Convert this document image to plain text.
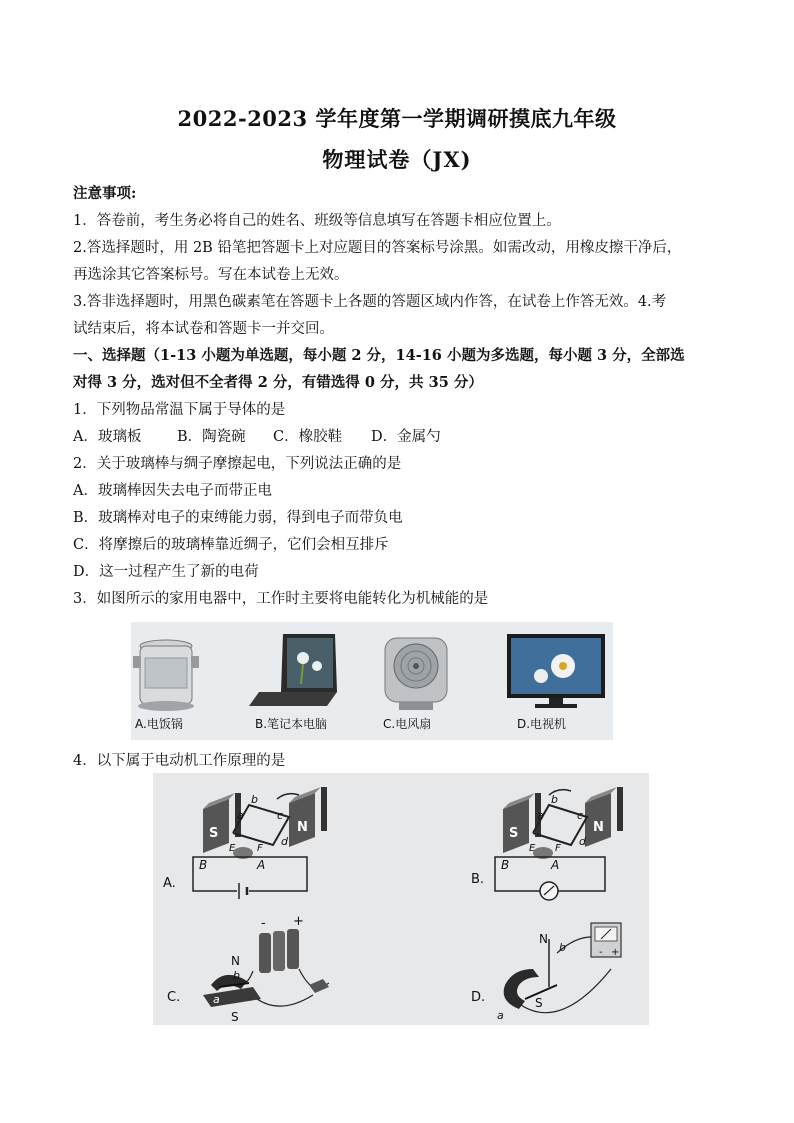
2022-2023 学年度第一学期调研摸底九年级
物理试卷（JX)
注意事项:
1．答卷前，考生务必将自己的姓名、班级等信息填写在答题卡相应位置上。
2.答选择题时，用 2B 铅笔把答题卡上对应题目的答案标号涂黑。如需改动，用橡皮擦干净后，
再选涂其它答案标号。写在本试卷上无效。
3.答非选择题时，用黑色碳素笔在答题卡上各题的答题区域内作答，在试卷上作答无效。4.考
试结束后，将本试卷和答题卡一并交回。
一、选择题（1-13 小题为单选题，每小题 2 分，14-16 小题为多选题，每小题 3 分，全部选
对得 3 分，选对但不全者得 2 分，有错选得 0 分，共 35 分）
1．下列物品常温下属于导体的是
A．玻璃板 B．陶瓷碗 C．橡胶鞋 D．金属勺
2．关于玻璃棒与绸子摩擦起电，下列说法正确的是
A．玻璃棒因失去电子而带正电
B．玻璃棒对电子的束缚能力弱，得到电子而带负电
C．将摩擦后的玻璃棒靠近绸子，它们会相互排斥
D．这一过程产生了新的电荷
3．如图所示的家用电器中，工作时主要将电能转化为机械能的是
A.电饭锅	B.笔记本电脑	C.电风扇	D.电视机
4．以下属于电动机工作原理的是
S	N
b
a	c
d
E F
B	A
A.
S	N
b
a	c
d
E F
B	A
B.
- +
N
b
a
S
C.
N
b
a
S
- +
D.
